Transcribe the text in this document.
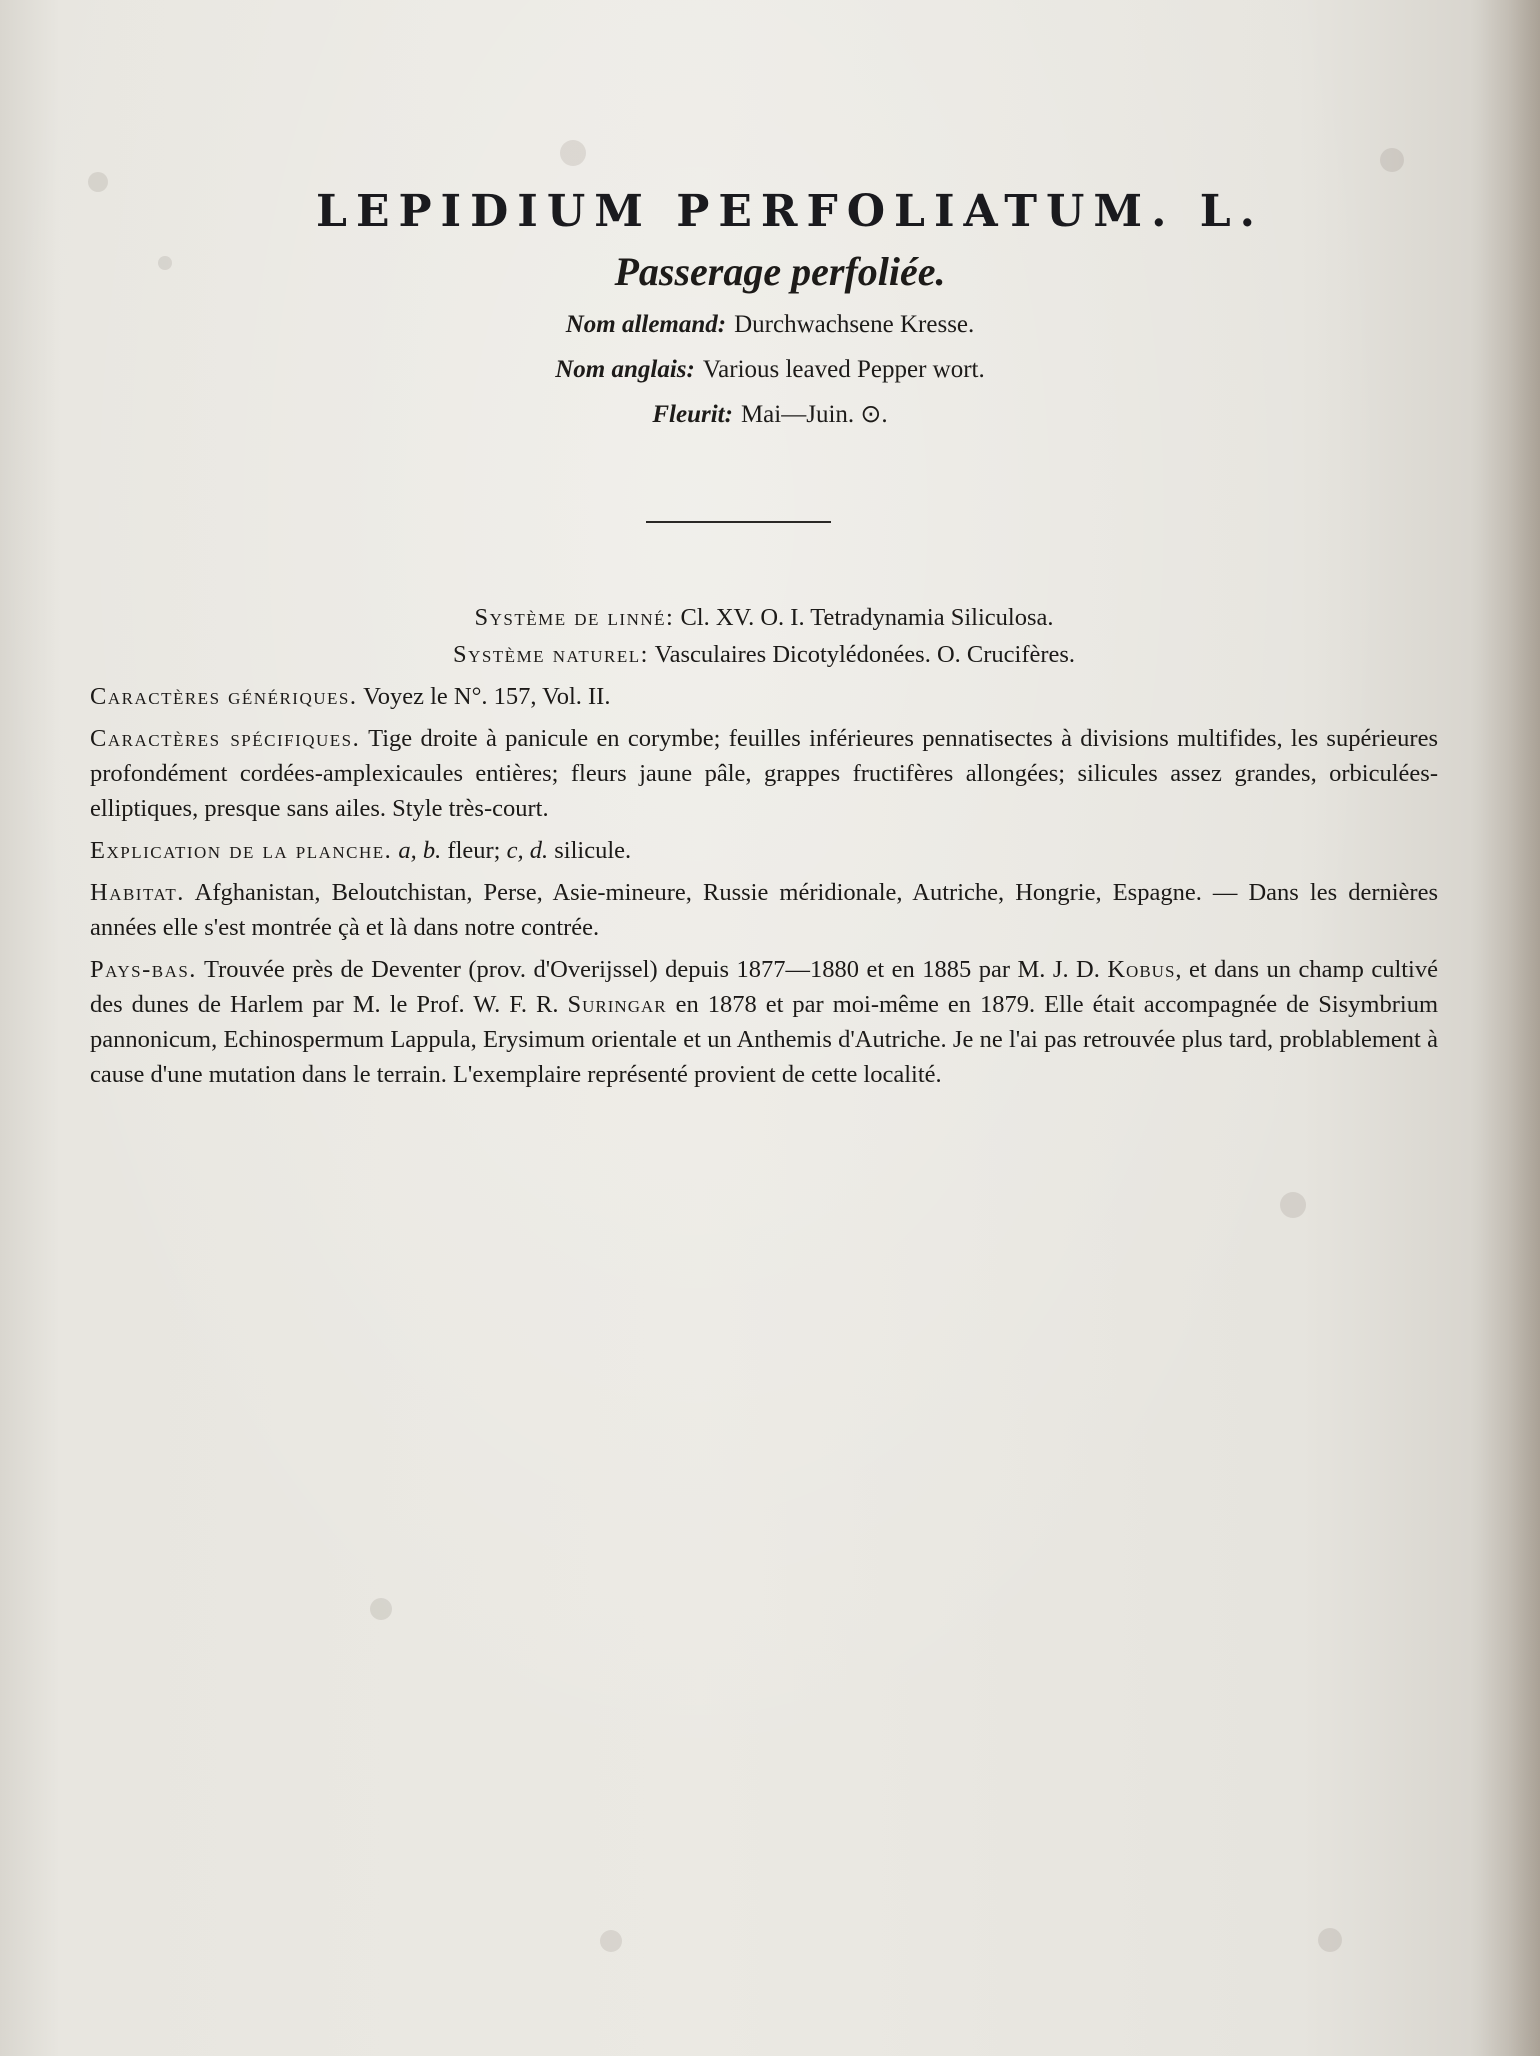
LEPIDIUM PERFOLIATUM. L.
Passerage perfoliée.
Nom allemand: Durchwachsene Kresse.
Nom anglais: Various leaved Pepper wort.
Fleurit: Mai—Juin. ⊙.

Système de linné: Cl. XV. O. I. Tetradynamia Siliculosa.

Système naturel: Vasculaires Dicotylédonées. O. Crucifères.

Caractères génériques. Voyez le N°. 157, Vol. II.

Caractères spécifiques. Tige droite à panicule en corymbe; feuilles inférieures pennatisectes à divisions multifides, les supérieures profondément cordées-amplexicaules entières; fleurs jaune pâle, grappes fructifères allongées; silicules assez grandes, orbiculées-elliptiques, presque sans ailes. Style très-court.

Explication de la planche. a, b. fleur; c, d. silicule.

Habitat. Afghanistan, Beloutchistan, Perse, Asie-mineure, Russie méridionale, Autriche, Hongrie, Espagne. — Dans les dernières années elle s'est montrée çà et là dans notre contrée.

Pays-bas. Trouvée près de Deventer (prov. d'Overijssel) depuis 1877—1880 et en 1885 par M. J. D. Kobus, et dans un champ cultivé des dunes de Harlem par M. le Prof. W. F. R. Suringar en 1878 et par moi-même en 1879. Elle était accompagnée de Sisymbrium pannonicum, Echinospermum Lappula, Erysimum orientale et un Anthemis d'Autriche. Je ne l'ai pas retrouvée plus tard, problablement à cause d'une mutation dans le terrain. L'exemplaire représenté provient de cette localité.
